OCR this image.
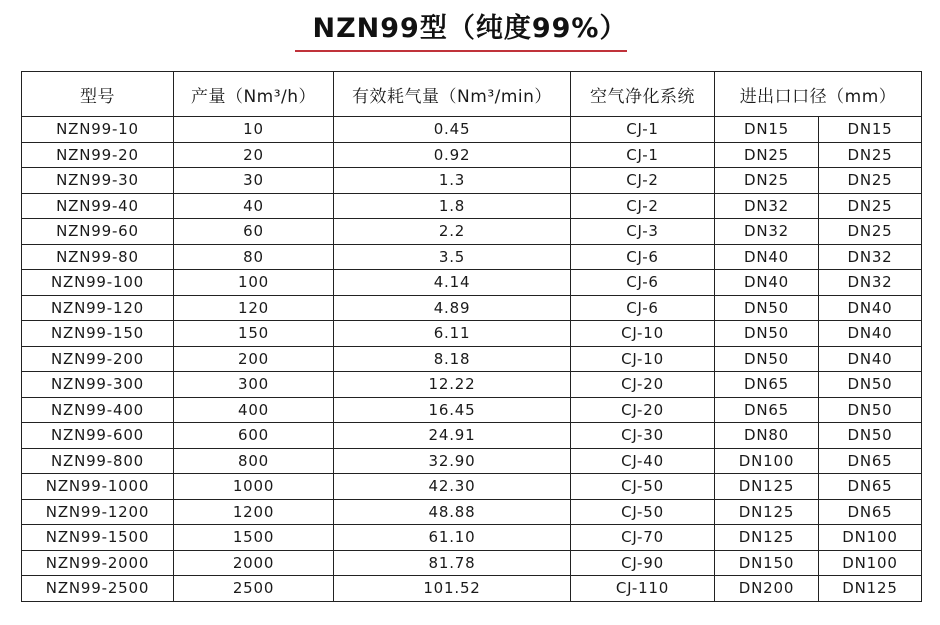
NZN99型（纯度99%）
型号	产量（Nm³/h）	有效耗气量（Nm³/min）	空气净化系统	进出口口径（mm）	
NZN99-10	10	0.45	CJ-1	DN15	DN15
NZN99-20	20	0.92	CJ-1	DN25	DN25
NZN99-30	30	1.3	CJ-2	DN25	DN25
NZN99-40	40	1.8	CJ-2	DN32	DN25
NZN99-60	60	2.2	CJ-3	DN32	DN25
NZN99-80	80	3.5	CJ-6	DN40	DN32
NZN99-100	100	4.14	CJ-6	DN40	DN32
NZN99-120	120	4.89	CJ-6	DN50	DN40
NZN99-150	150	6.11	CJ-10	DN50	DN40
NZN99-200	200	8.18	CJ-10	DN50	DN40
NZN99-300	300	12.22	CJ-20	DN65	DN50
NZN99-400	400	16.45	CJ-20	DN65	DN50
NZN99-600	600	24.91	CJ-30	DN80	DN50
NZN99-800	800	32.90	CJ-40	DN100	DN65
NZN99-1000	1000	42.30	CJ-50	DN125	DN65
NZN99-1200	1200	48.88	CJ-50	DN125	DN65
NZN99-1500	1500	61.10	CJ-70	DN125	DN100
NZN99-2000	2000	81.78	CJ-90	DN150	DN100
NZN99-2500	2500	101.52	CJ-110	DN200	DN125
